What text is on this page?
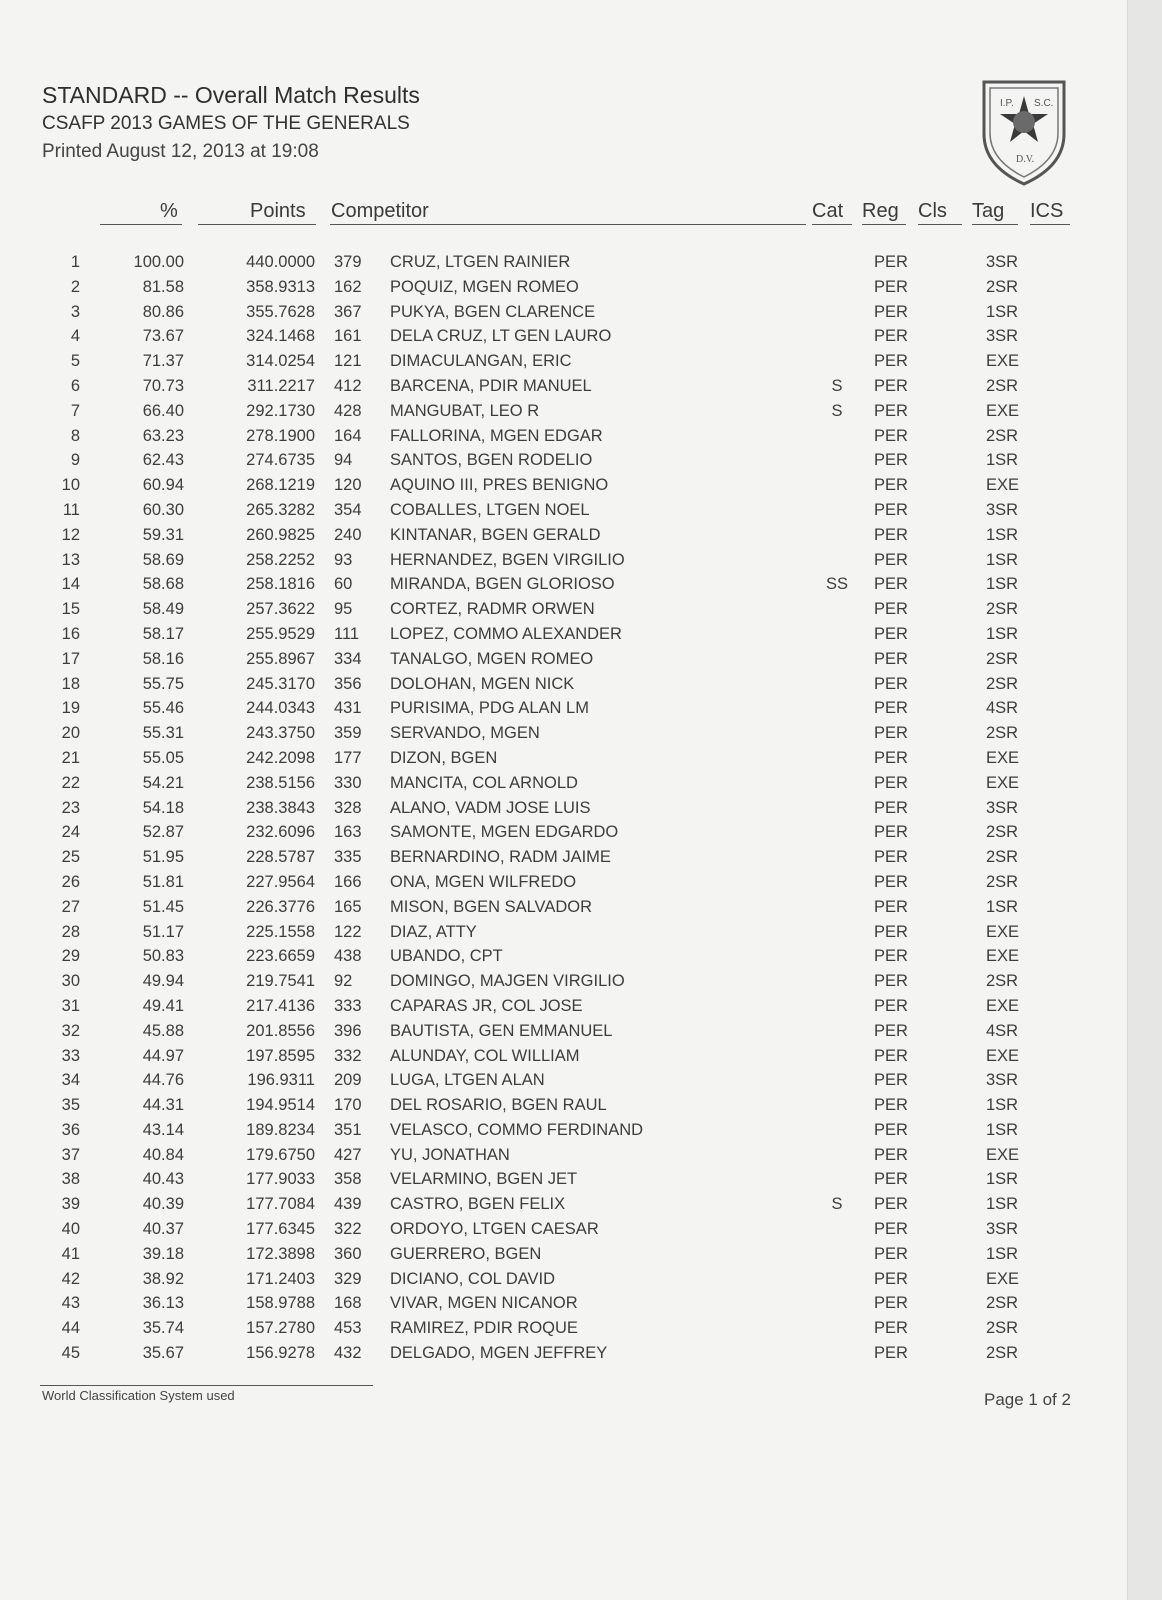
STANDARD -- Overall Match Results
CSAFP 2013 GAMES OF THE GENERALS
Printed August 12, 2013 at 19:08
I.P. S.C.
D.V.
%	Points Competitor	Cat Reg Cls Tag ICS
1	100.00	440.0000 379 CRUZ, LTGEN RAINIER	PER	3SR
2	81.58	358.9313 162 POQUIZ, MGEN ROMEO	PER	2SR
3	80.86	355.7628 367 PUKYA, BGEN CLARENCE	PER	1SR
4	73.67	324.1468 161 DELA CRUZ, LT GEN LAURO	PER	3SR
5	71.37	314.0254 121 DIMACULANGAN, ERIC	PER	EXE
6	70.73	311.2217 412 BARCENA, PDIR MANUEL	S	PER	2SR
7	66.40	292.1730 428 MANGUBAT, LEO R	S	PER	EXE
8	63.23	278.1900 164 FALLORINA, MGEN EDGAR	PER	2SR
9	62.43	274.6735 94 SANTOS, BGEN RODELIO	PER	1SR
10	60.94	268.1219 120 AQUINO III, PRES BENIGNO	PER	EXE
11	60.30	265.3282 354 COBALLES, LTGEN NOEL	PER	3SR
12	59.31	260.9825 240 KINTANAR, BGEN GERALD	PER	1SR
13	58.69	258.2252 93 HERNANDEZ, BGEN VIRGILIO	PER	1SR
14	58.68	258.1816 60 MIRANDA, BGEN GLORIOSO	SS	PER	1SR
15	58.49	257.3622 95 CORTEZ, RADMR ORWEN	PER	2SR
16	58.17	255.9529 111 LOPEZ, COMMO ALEXANDER	PER	1SR
17	58.16	255.8967 334 TANALGO, MGEN ROMEO	PER	2SR
18	55.75	245.3170 356 DOLOHAN, MGEN NICK	PER	2SR
19	55.46	244.0343 431 PURISIMA, PDG ALAN LM	PER	4SR
20	55.31	243.3750 359 SERVANDO, MGEN	PER	2SR
21	55.05	242.2098 177 DIZON, BGEN	PER	EXE
22	54.21	238.5156 330 MANCITA, COL ARNOLD	PER	EXE
23	54.18	238.3843 328 ALANO, VADM JOSE LUIS	PER	3SR
24	52.87	232.6096 163 SAMONTE, MGEN EDGARDO	PER	2SR
25	51.95	228.5787 335 BERNARDINO, RADM JAIME	PER	2SR
26	51.81	227.9564 166 ONA, MGEN WILFREDO	PER	2SR
27	51.45	226.3776 165 MISON, BGEN SALVADOR	PER	1SR
28	51.17	225.1558 122 DIAZ, ATTY	PER	EXE
29	50.83	223.6659 438 UBANDO, CPT	PER	EXE
30	49.94	219.7541 92 DOMINGO, MAJGEN VIRGILIO	PER	2SR
31	49.41	217.4136 333 CAPARAS JR, COL JOSE	PER	EXE
32	45.88	201.8556 396 BAUTISTA, GEN EMMANUEL	PER	4SR
33	44.97	197.8595 332 ALUNDAY, COL WILLIAM	PER	EXE
34	44.76	196.9311 209 LUGA, LTGEN ALAN	PER	3SR
35	44.31	194.9514 170 DEL ROSARIO, BGEN RAUL	PER	1SR
36	43.14	189.8234 351 VELASCO, COMMO FERDINAND	PER	1SR
37	40.84	179.6750 427 YU, JONATHAN	PER	EXE
38	40.43	177.9033 358 VELARMINO, BGEN JET	PER	1SR
39	40.39	177.7084 439 CASTRO, BGEN FELIX	S	PER	1SR
40	40.37	177.6345 322 ORDOYO, LTGEN CAESAR	PER	3SR
41	39.18	172.3898 360 GUERRERO, BGEN	PER	1SR
42	38.92	171.2403 329 DICIANO, COL DAVID	PER	EXE
43	36.13	158.9788 168 VIVAR, MGEN NICANOR	PER	2SR
44	35.74	157.2780 453 RAMIREZ, PDIR ROQUE	PER	2SR
45	35.67	156.9278 432 DELGADO, MGEN JEFFREY	PER	2SR
World Classification System used	Page 1 of 2
